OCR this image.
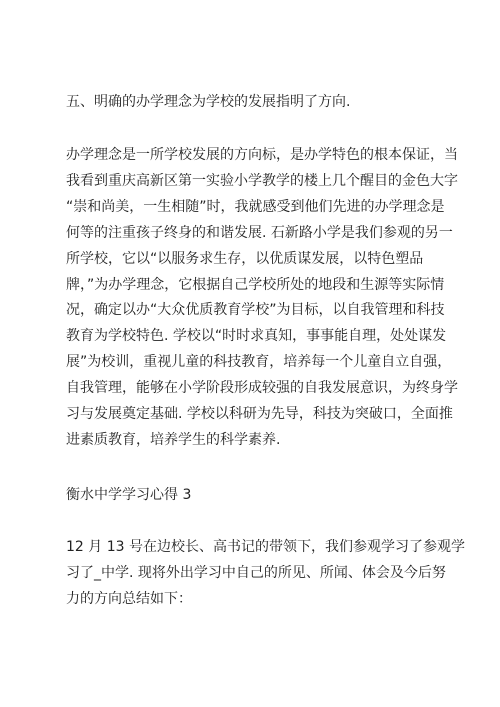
五、明确的办学理念为学校的发展指明了方向.
办学理念是一所学校发展的方向标，是办学特色的根本保证，当
我看到重庆高新区第一实验小学教学的楼上几个醒目的金色大字
“崇和尚美，一生相随”时，我就感受到他们先进的办学理念是
何等的注重孩子终身的和谐发展. 石新路小学是我们参观的另一
所学校，它以“以服务求生存，以优质谋发展，以特色塑品
牌，”为办学理念，它根据自己学校所处的地段和生源等实际情
况，确定以办“大众优质教育学校”为目标，以自我管理和科技
教育为学校特色. 学校以“时时求真知，事事能自理，处处谋发
展”为校训，重视儿童的科技教育，培养每一个儿童自立自强，
自我管理，能够在小学阶段形成较强的自我发展意识，为终身学
习与发展奠定基础. 学校以科研为先导，科技为突破口，全面推
进素质教育，培养学生的科学素养.
衡水中学学习心得 3
12 月 13 号在边校长、高书记的带领下，我们参观学习了参观学
习了_中学. 现将外出学习中自己的所见、所闻、体会及今后努
力的方向总结如下：
